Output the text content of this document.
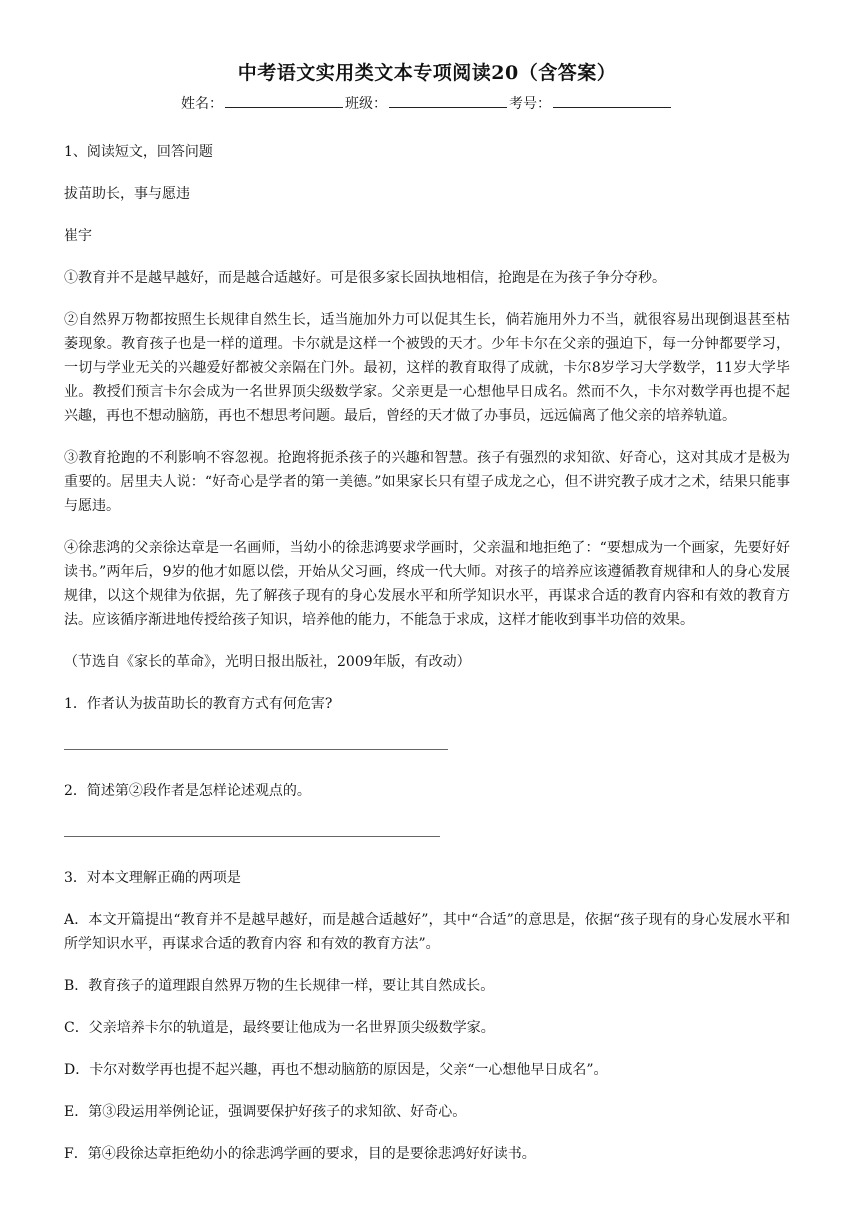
中考语文实用类文本专项阅读20（含答案）
姓名：	班级：	考号：

1、阅读短文，回答问题

拔苗助长，事与愿违

崔宇

①教育并不是越早越好，而是越合适越好。可是很多家长固执地相信，抢跑是在为孩子争分夺秒。

②自然界万物都按照生长规律自然生长，适当施加外力可以促其生长，倘若施用外力不当，就很容易出现倒退甚至枯萎现象。教育孩子也是一样的道理。卡尔就是这样一个被毁的天才。少年卡尔在父亲的强迫下，每一分钟都要学习，一切与学业无关的兴趣爱好都被父亲隔在门外。最初，这样的教育取得了成就，卡尔8岁学习大学数学，11岁大学毕业。教授们预言卡尔会成为一名世界顶尖级数学家。父亲更是一心想他早日成名。然而不久，卡尔对数学再也提不起兴趣，再也不想动脑筋，再也不想思考问题。最后，曾经的天才做了办事员，远远偏离了他父亲的培养轨道。

③教育抢跑的不利影响不容忽视。抢跑将扼杀孩子的兴趣和智慧。孩子有强烈的求知欲、好奇心，这对其成才是极为重要的。居里夫人说：“好奇心是学者的第一美德。”如果家长只有望子成龙之心，但不讲究教子成才之术，结果只能事与愿违。

④徐悲鸿的父亲徐达章是一名画师，当幼小的徐悲鸿要求学画时，父亲温和地拒绝了：“要想成为一个画家，先要好好读书。”两年后，9岁的他才如愿以偿，开始从父习画，终成一代大师。对孩子的培养应该遵循教育规律和人的身心发展规律，以这个规律为依据，先了解孩子现有的身心发展水平和所学知识水平，再谋求合适的教育内容和有效的教育方法。应该循序渐进地传授给孩子知识，培养他的能力，不能急于求成，这样才能收到事半功倍的效果。

（节选自《家长的革命》，光明日报出版社，2009年版，有改动）

1．作者认为拔苗助长的教育方式有何危害?

2．简述第②段作者是怎样论述观点的。

3．对本文理解正确的两项是

A．本文开篇提出“教育并不是越早越好，而是越合适越好”，其中“合适”的意思是，依据“孩子现有的身心发展水平和所学知识水平，再谋求合适的教育内容 和有效的教育方法”。

B．教育孩子的道理跟自然界万物的生长规律一样，要让其自然成长。

C．父亲培养卡尔的轨道是，最终要让他成为一名世界顶尖级数学家。

D．卡尔对数学再也提不起兴趣，再也不想动脑筋的原因是，父亲“一心想他早日成名”。

E．第③段运用举例论证，强调要保护好孩子的求知欲、好奇心。

F．第④段徐达章拒绝幼小的徐悲鸿学画的要求，目的是要徐悲鸿好好读书。
